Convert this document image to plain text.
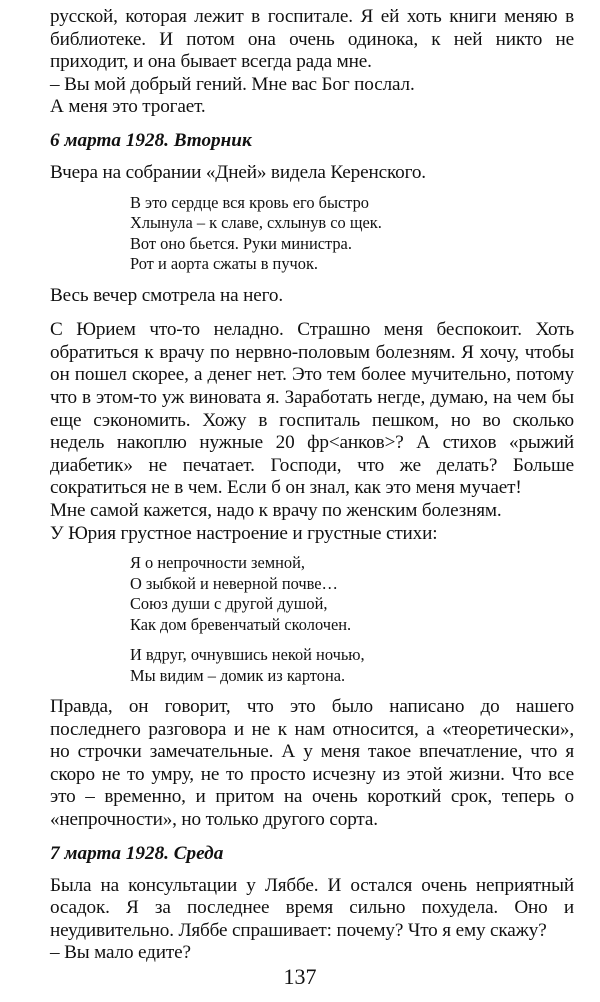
русской, которая лежит в госпитале. Я ей хоть книги меняю в библиотеке. И потом она очень одинока, к ней никто не приходит, и она бывает всегда рада мне.

– Вы мой добрый гений. Мне вас Бог послал.

А меня это трогает.

6 марта 1928. Вторник

Вчера на собрании «Дней» видела Керенского.

В это сердце вся кровь его быстро
Хлынула – к славе, схлынув со щек.
Вот оно бьется. Руки министра.
Рот и аорта сжаты в пучок.

Весь вечер смотрела на него.

С Юрием что-то неладно. Страшно меня беспокоит. Хоть обратиться к врачу по нервно-половым болезням. Я хочу, чтобы он пошел скорее, а денег нет. Это тем более мучительно, потому что в этом-то уж виновата я. Заработать негде, думаю, на чем бы еще сэкономить. Хожу в госпиталь пешком, но во сколько недель накоплю нужные 20 фр<анков>? А стихов «рыжий диабетик» не печатает. Господи, что же делать? Больше сократиться не в чем. Если б он знал, как это меня мучает!

Мне самой кажется, надо к врачу по женским болезням.

У Юрия грустное настроение и грустные стихи:

Я о непрочности земной,
О зыбкой и неверной почве…
Союз души с другой душой,
Как дом бревенчатый сколочен.
И вдруг, очнувшись некой ночью,
Мы видим – домик из картона.

Правда, он говорит, что это было написано до нашего последнего разговора и не к нам относится, а «теоретически», но строчки замечательные. А у меня такое впечатление, что я скоро не то умру, не то просто исчезну из этой жизни. Что все это – временно, и притом на очень короткий срок, теперь о «непрочности», но только другого сорта.

7 марта 1928. Среда

Была на консультации у Ляббе. И остался очень неприятный осадок. Я за последнее время сильно похудела. Оно и неудивительно. Ляббе спрашивает: почему? Что я ему скажу?

– Вы мало едите?

137
